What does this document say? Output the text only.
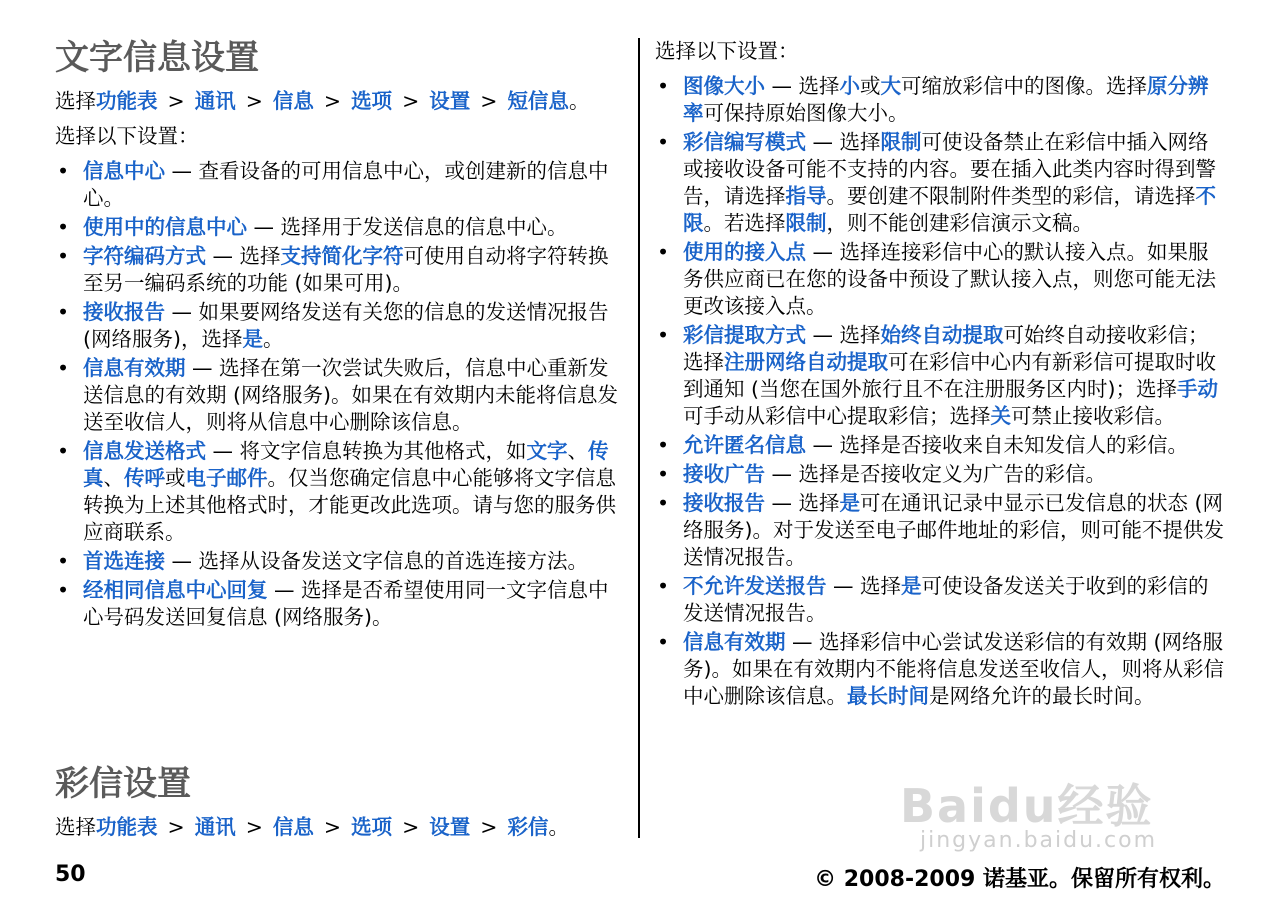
文字信息设置

选择功能表 > 通讯 > 信息 > 选项 > 设置 > 短信息。

选择以下设置：

• 信息中心 — 查看设备的可用信息中心，或创建新的信息中心。
• 使用中的信息中心 — 选择用于发送信息的信息中心。
• 字符编码方式 — 选择支持简化字符可使用自动将字符转换至另一编码系统的功能 (如果可用)。
• 接收报告 — 如果要网络发送有关您的信息的发送情况报告 (网络服务)，选择是。
• 信息有效期 — 选择在第一次尝试失败后，信息中心重新发送信息的有效期 (网络服务)。如果在有效期内未能将信息发送至收信人，则将从信息中心删除该信息。
• 信息发送格式 — 将文字信息转换为其他格式，如文字、传真、传呼或电子邮件。仅当您确定信息中心能够将文字信息转换为上述其他格式时，才能更改此选项。请与您的服务供应商联系。
• 首选连接 — 选择从设备发送文字信息的首选连接方法。
• 经相同信息中心回复 — 选择是否希望使用同一文字信息中心号码发送回复信息 (网络服务)。
彩信设置

选择功能表 > 通讯 > 信息 > 选项 > 设置 > 彩信。

选择以下设置：

• 图像大小 — 选择小或大可缩放彩信中的图像。选择原分辨率可保持原始图像大小。
• 彩信编写模式 — 选择限制可使设备禁止在彩信中插入网络或接收设备可能不支持的内容。要在插入此类内容时得到警告，请选择指导。要创建不限制附件类型的彩信，请选择不限。若选择限制，则不能创建彩信演示文稿。
• 使用的接入点 — 选择连接彩信中心的默认接入点。如果服务供应商已在您的设备中预设了默认接入点，则您可能无法更改该接入点。
• 彩信提取方式 — 选择始终自动提取可始终自动接收彩信；选择注册网络自动提取可在彩信中心内有新彩信可提取时收到通知 (当您在国外旅行且不在注册服务区内时)；选择手动可手动从彩信中心提取彩信；选择关可禁止接收彩信。
• 允许匿名信息 — 选择是否接收来自未知发信人的彩信。
• 接收广告 — 选择是否接收定义为广告的彩信。
• 接收报告 — 选择是可在通讯记录中显示已发信息的状态 (网络服务)。对于发送至电子邮件地址的彩信，则可能不提供发送情况报告。
• 不允许发送报告 — 选择是可使设备发送关于收到的彩信的发送情况报告。
• 信息有效期 — 选择彩信中心尝试发送彩信的有效期 (网络服务)。如果在有效期内不能将信息发送至收信人，则将从彩信中心删除该信息。最长时间是网络允许的最长时间。
Baidu经验
jingyan.baidu.com
50	© 2008-2009 诺基亚。保留所有权利。
